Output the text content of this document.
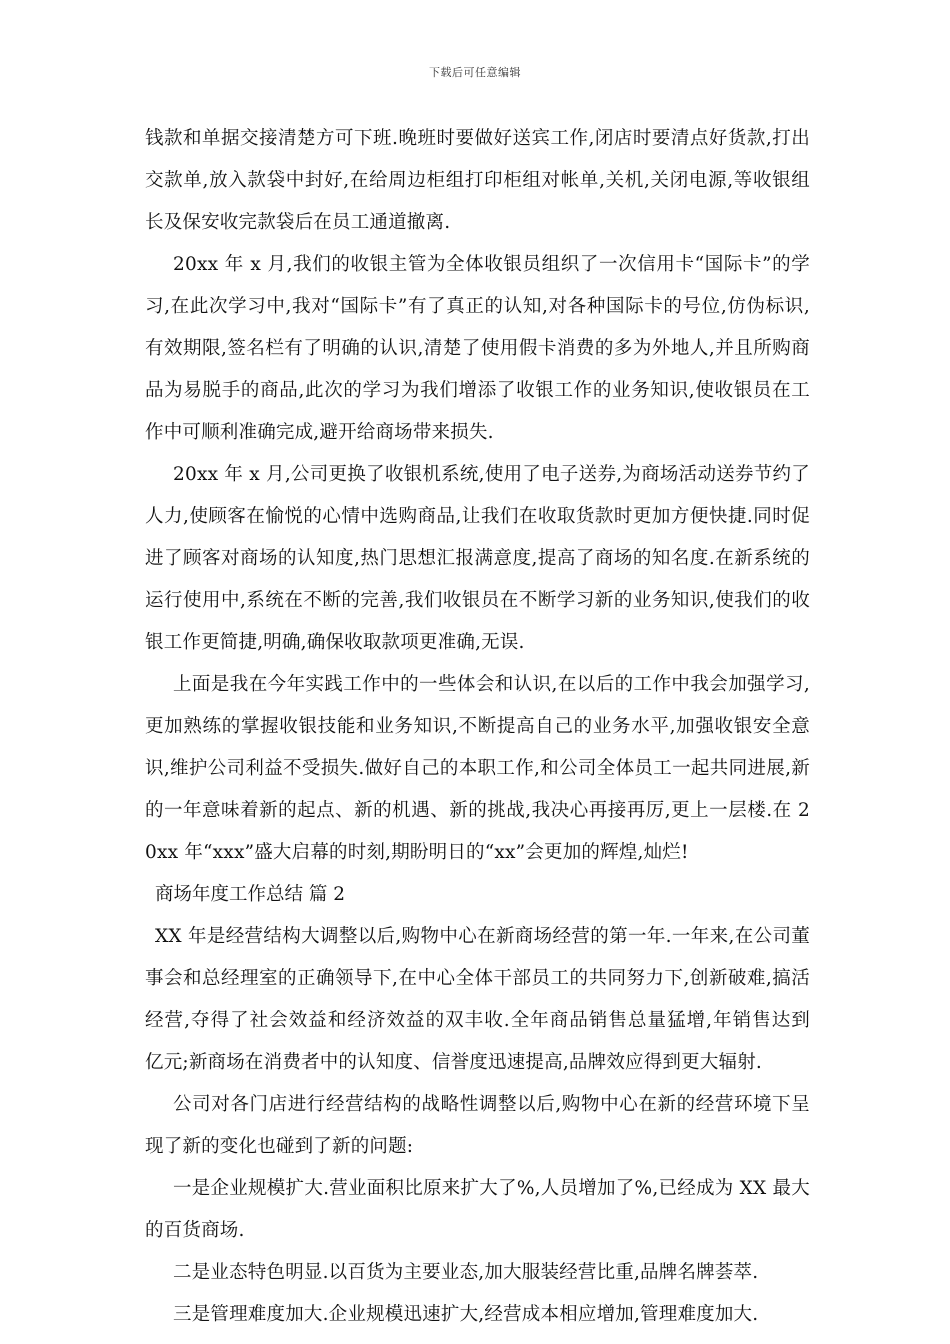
下载后可任意编辑

钱款和单据交接清楚方可下班.晚班时要做好送宾工作,闭店时要清点好货款,打出交款单,放入款袋中封好,在给周边柜组打印柜组对帐单,关机,关闭电源,等收银组长及保安收完款袋后在员工通道撤离.

20xx 年 x 月,我们的收银主管为全体收银员组织了一次信用卡“国际卡”的学习,在此次学习中,我对“国际卡”有了真正的认知,对各种国际卡的号位,仿伪标识,有效期限,签名栏有了明确的认识,清楚了使用假卡消费的多为外地人,并且所购商品为易脱手的商品,此次的学习为我们增添了收银工作的业务知识,使收银员在工作中可顺利准确完成,避开给商场带来损失.

20xx 年 x 月,公司更换了收银机系统,使用了电子送券,为商场活动送券节约了人力,使顾客在愉悦的心情中选购商品,让我们在收取货款时更加方便快捷.同时促进了顾客对商场的认知度,热门思想汇报满意度,提高了商场的知名度.在新系统的运行使用中,系统在不断的完善,我们收银员在不断学习新的业务知识,使我们的收银工作更简捷,明确,确保收取款项更准确,无误.

上面是我在今年实践工作中的一些体会和认识,在以后的工作中我会加强学习,更加熟练的掌握收银技能和业务知识,不断提高自己的业务水平,加强收银安全意识,维护公司利益不受损失.做好自己的本职工作,和公司全体员工一起共同进展,新的一年意味着新的起点、新的机遇、新的挑战,我决心再接再厉,更上一层楼.在 20xx 年“xxx”盛大启幕的时刻,期盼明日的“xx”会更加的辉煌,灿烂!

商场年度工作总结 篇 2

XX 年是经营结构大调整以后,购物中心在新商场经营的第一年.一年来,在公司董事会和总经理室的正确领导下,在中心全体干部员工的共同努力下,创新破难,搞活经营,夺得了社会效益和经济效益的双丰收.全年商品销售总量猛增,年销售达到  亿元;新商场在消费者中的认知度、信誉度迅速提高,品牌效应得到更大辐射.

公司对各门店进行经营结构的战略性调整以后,购物中心在新的经营环境下呈现了新的变化也碰到了新的问题:

一是企业规模扩大.营业面积比原来扩大了%,人员增加了%,已经成为 XX 最大的百货商场.

二是业态特色明显.以百货为主要业态,加大服装经营比重,品牌名牌荟萃.

三是管理难度加大.企业规模迅速扩大,经营成本相应增加,管理难度加大.
